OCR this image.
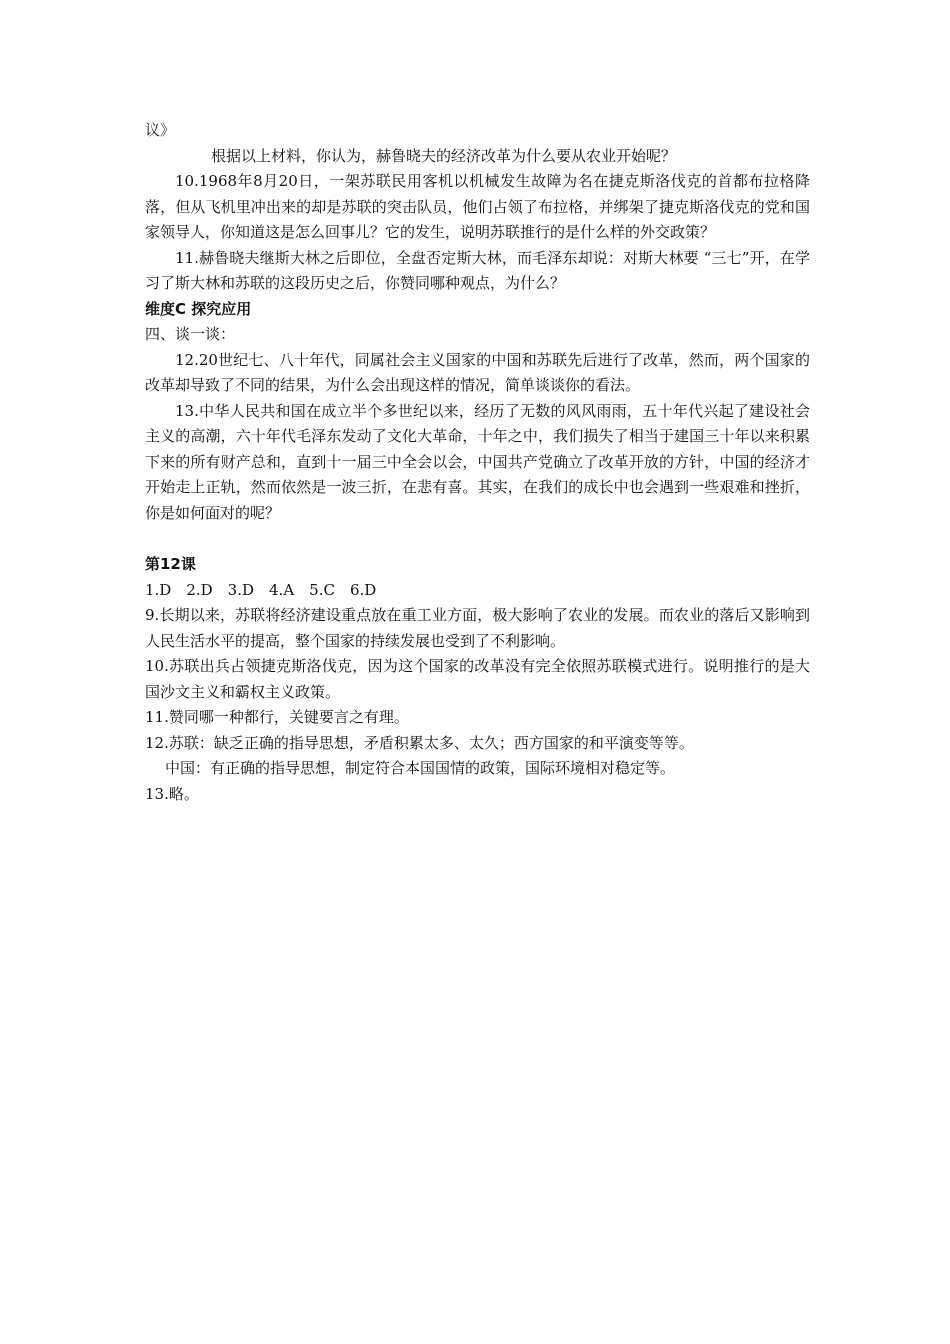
议》

根据以上材料，你认为，赫鲁晓夫的经济改革为什么要从农业开始呢？

10.1968年8月20日，一架苏联民用客机以机械发生故障为名在捷克斯洛伐克的首都布拉格降落，但从飞机里冲出来的却是苏联的突击队员，他们占领了布拉格，并绑架了捷克斯洛伐克的党和国家领导人，你知道这是怎么回事儿？它的发生，说明苏联推行的是什么样的外交政策？

11.赫鲁晓夫继斯大林之后即位，全盘否定斯大林，而毛泽东却说：对斯大林要 “三七”开，在学习了斯大林和苏联的这段历史之后，你赞同哪种观点，为什么？

维度C 探究应用

四、谈一谈：

12.20世纪七、八十年代，同属社会主义国家的中国和苏联先后进行了改革，然而，两个国家的改革却导致了不同的结果，为什么会出现这样的情况，简单谈谈你的看法。

13.中华人民共和国在成立半个多世纪以来，经历了无数的风风雨雨，五十年代兴起了建设社会主义的高潮，六十年代毛泽东发动了文化大革命，十年之中，我们损失了相当于建国三十年以来积累下来的所有财产总和，直到十一届三中全会以会，中国共产党确立了改革开放的方针，中国的经济才开始走上正轨，然而依然是一波三折，在悲有喜。其实，在我们的成长中也会遇到一些艰难和挫折，你是如何面对的呢？

第12课

1.D　2.D　3.D　4.A　5.C　6.D

9.长期以来，苏联将经济建设重点放在重工业方面，极大影响了农业的发展。而农业的落后又影响到人民生活水平的提高，整个国家的持续发展也受到了不利影响。

10.苏联出兵占领捷克斯洛伐克，因为这个国家的改革没有完全依照苏联模式进行。说明推行的是大国沙文主义和霸权主义政策。

11.赞同哪一种都行，关键要言之有理。

12.苏联：缺乏正确的指导思想，矛盾积累太多、太久；西方国家的和平演变等等。

中国：有正确的指导思想，制定符合本国国情的政策，国际环境相对稳定等。

13.略。
